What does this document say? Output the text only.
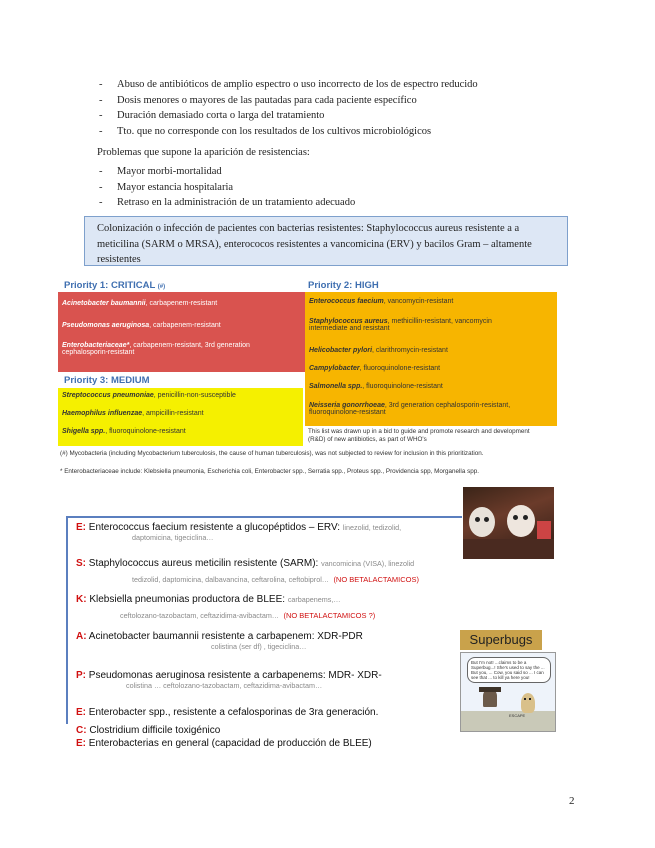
- Abuso de antibióticos de amplio espectro o uso incorrecto de los de espectro reducido
- Dosis menores o mayores de las pautadas para cada paciente específico
- Duración demasiado corta o larga del tratamiento
- Tto. que no corresponde con los resultados de los cultivos microbiológicos
Problemas que supone la aparición de resistencias:
- Mayor morbi-mortalidad
- Mayor estancia hospitalaria
- Retraso en la administración de un tratamiento adecuado
Colonización o infección de pacientes con bacterias resistentes: Staphylococcus aureus resistente a a meticilina (SARM o MRSA), enterococos resistentes a vancomicina (ERV) y bacilos Gram – altamente resistentes
Priority 1: CRITICAL (#)
Acinetobacter baumannii, carbapenem-resistant
Pseudomonas aeruginosa, carbapenem-resistant
Enterobacteriaceae*, carbapenem-resistant, 3rd generation
cephalosporin-resistant
Priority 2: HIGH
Enterococcus faecium, vancomycin-resistant
Staphylococcus aureus, methicillin-resistant, vancomycin
intermediate and resistant
Helicobacter pylori, clarithromycin-resistant
Campylobacter, fluoroquinolone-resistant
Salmonella spp., fluoroquinolone-resistant
Neisseria gonorrhoeae, 3rd generation cephalosporin-resistant,
fluoroquinolone-resistant
Priority 3: MEDIUM
Streptococcus pneumoniae, penicillin-non-susceptible
Haemophilus influenzae, ampicillin-resistant
Shigella spp., fluoroquinolone-resistant	This list was drawn up in a bid to guide and promote research and development (R&D) of new antibiotics, as part of WHO's
(#) Mycobacteria (including Mycobacterium tuberculosis, the cause of human tuberculosis), was not subjected to review for inclusion in this prioritization.
* Enterobacteriaceae include: Klebsiella pneumonia, Escherichia coli, Enterobacter spp., Serratia spp., Proteus spp., Providencia spp, Morganella spp.
E: Enterococcus faecium resistente a glucopéptidos – ERV: linezolid, tedizolid,
daptomicina, tigeciclina…
S: Staphylococcus aureus meticilin resistente (SARM): vancomicina (VISA), linezolid
tedizolid, daptomicina, dalbavancina, ceftarolina, ceftobiprol… (NO BETALACTAMICOS)
K: Klebsiella pneumonias productora de BLEE: carbapenems,…
ceftolozano-tazobactam, ceftazidima-avibactam… (NO BETALACTAMICOS ?)
A: Acinetobacter baumannii resistente a carbapenem: XDR-PDR
colistina (ser df) , tigeciclina…
P: Pseudomonas aeruginosa resistente a carbapenems: MDR- XDR-
colistina … ceftolozano-tazobactam, ceftazidima-avibactam…
E: Enterobacter spp., resistente a cefalosporinas de 3ra generación.
C: Clostridium difficile toxigénico
E: Enterobacterias en general (capacidad de producción de BLEE)
Superbugs
But I'm not! ...claims to be a Superbug...! She's used to say the ... But you, ... Cow, you said so ... I can see that ... to kill ya here you!
ESCAPE
2
